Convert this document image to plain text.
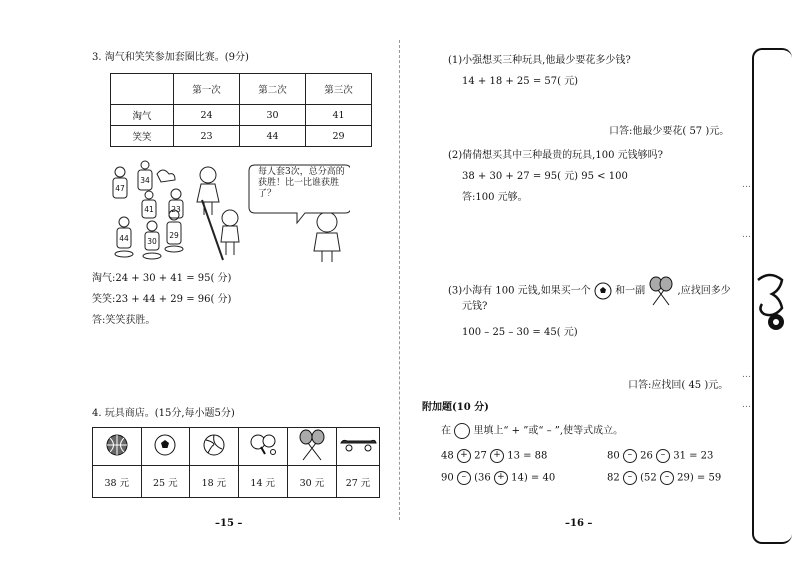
3. 淘气和笑笑参加套圈比赛。(9分)
	第一次	第二次	第三次
淘气	24	30	41
笑笑	23	44	29
47
34
41 23
44 30
29
每人套3次，总分高的获胜！比一比谁获胜了？
淘气:24 + 30 + 41 = 95( 分)
笑笑:23 + 44 + 29 = 96( 分)
答:笑笑获胜。
4. 玩具商店。(15分,每小题5分)

38 元	25 元	18 元	14 元	30 元	27 元
–15 –
(1)小强想买三种玩具,他最少要花多少钱?
14 + 18 + 25 = 57( 元)
口答:他最少要花( 57 )元。
(2)倩倩想买其中三种最贵的玩具,100 元钱够吗?
38 + 30 + 27 = 95( 元) 95 < 100
答:100 元够。
(3)小海有 100 元钱,如果买一个 和一副	,应找回多少
元钱?
100 – 25 – 30 = 45( 元)
口答:应找回( 45 )元。
附加题(10 分)
在 里填上“ + ”或“ – ”,使等式成立。
48 + 27 + 13 = 88	80 – 26 – 31 = 23
90 – (36 + 14) = 40	82 – (52 – 29) = 59
–16 –
…
…
…
…
